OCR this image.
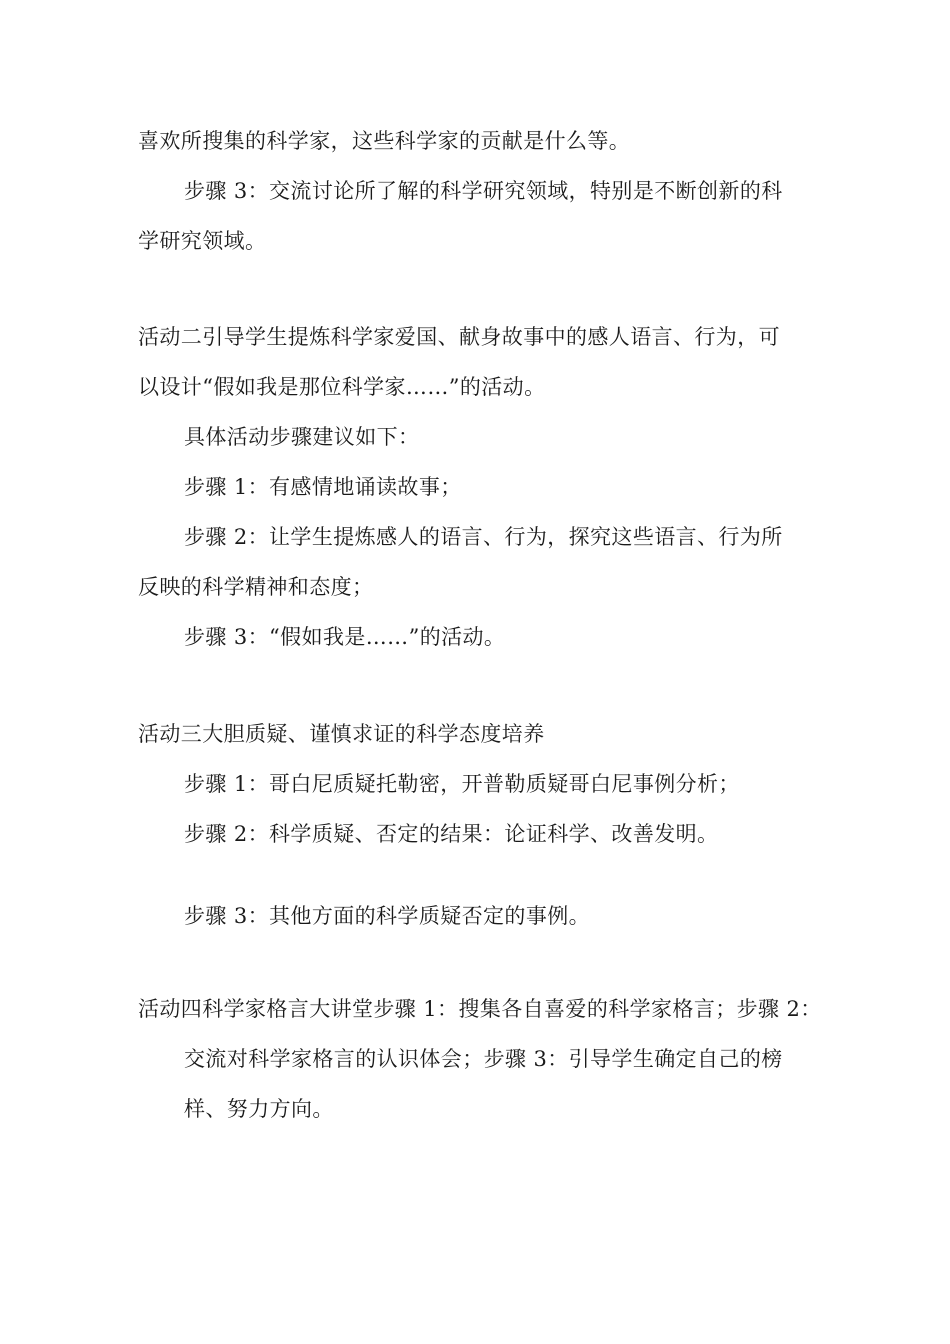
喜欢所搜集的科学家，这些科学家的贡献是什么等。
步骤 3：交流讨论所了解的科学研究领域，特别是不断创新的科
学研究领域。
活动二引导学生提炼科学家爱国、献身故事中的感人语言、行为，可
以设计“假如我是那位科学家……”的活动。
具体活动步骤建议如下：
步骤 1：有感情地诵读故事；
步骤 2：让学生提炼感人的语言、行为，探究这些语言、行为所
反映的科学精神和态度；
步骤 3：“假如我是……”的活动。
活动三大胆质疑、谨慎求证的科学态度培养
步骤 1：哥白尼质疑托勒密，开普勒质疑哥白尼事例分析；
步骤 2：科学质疑、否定的结果：论证科学、改善发明。
步骤 3：其他方面的科学质疑否定的事例。
活动四科学家格言大讲堂步骤 1：搜集各自喜爱的科学家格言；步骤 2：
交流对科学家格言的认识体会；步骤 3：引导学生确定自己的榜
样、努力方向。
